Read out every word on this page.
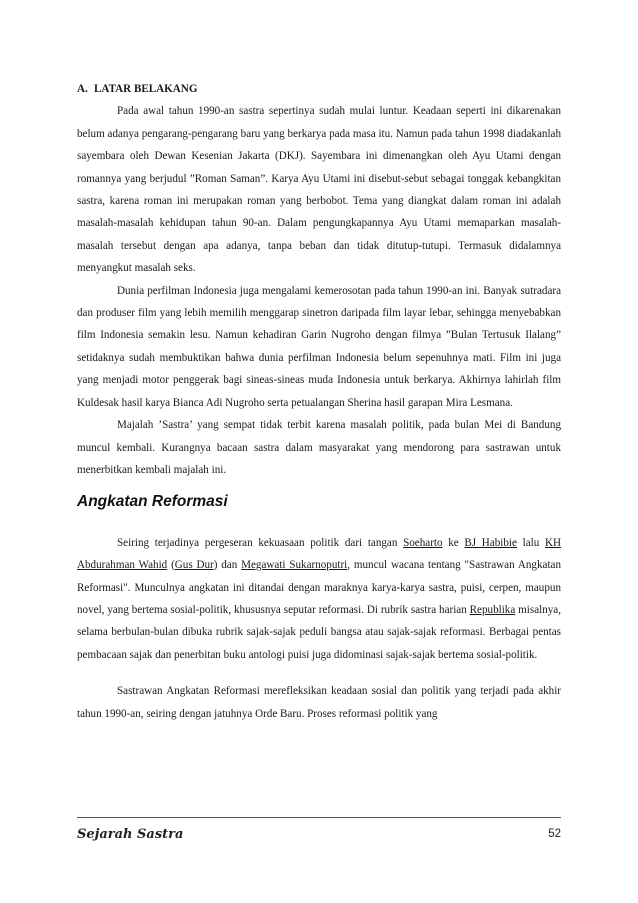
A. LATAR BELAKANG

Pada awal tahun 1990-an sastra sepertinya sudah mulai luntur. Keadaan seperti ini dikarenakan belum adanya pengarang-pengarang baru yang berkarya pada masa itu. Namun pada tahun 1998 diadakanlah sayembara oleh Dewan Kesenian Jakarta (DKJ). Sayembara ini dimenangkan oleh Ayu Utami dengan romannya yang berjudul ”Roman Saman”. Karya Ayu Utami ini disebut-sebut sebagai tonggak kebangkitan sastra, karena roman ini merupakan roman yang berbobot. Tema yang diangkat dalam roman ini adalah masalah-masalah kehidupan tahun 90-an. Dalam pengungkapannya Ayu Utami memaparkan masalah-masalah tersebut dengan apa adanya, tanpa beban dan tidak ditutup-tutupi. Termasuk didalamnya menyangkut masalah seks.

Dunia perfilman Indonesia juga mengalami kemerosotan pada tahun 1990-an ini. Banyak sutradara dan produser film yang lebih memilih menggarap sinetron daripada film layar lebar, sehingga menyebabkan film Indonesia semakin lesu. Namun kehadiran Garin Nugroho dengan filmya ”Bulan Tertusuk Ilalang” setidaknya sudah membuktikan bahwa dunia perfilman Indonesia belum sepenuhnya mati. Film ini juga yang menjadi motor penggerak bagi sineas-sineas muda Indonesia untuk berkarya. Akhirnya lahirlah film Kuldesak hasil karya Bianca Adi Nugroho serta petualangan Sherina hasil garapan Mira Lesmana.

Majalah ’Sastra’ yang sempat tidak terbit karena masalah politik, pada bulan Mei di Bandung muncul kembali. Kurangnya bacaan sastra dalam masyarakat yang mendorong para sastrawan untuk menerbitkan kembali majalah ini.

Angkatan Reformasi

Seiring terjadinya pergeseran kekuasaan politik dari tangan Soeharto ke BJ Habibie lalu KH Abdurahman Wahid (Gus Dur) dan Megawati Sukarnoputri, muncul wacana tentang "Sastrawan Angkatan Reformasi". Munculnya angkatan ini ditandai dengan maraknya karya-karya sastra, puisi, cerpen, maupun novel, yang bertema sosial-politik, khususnya seputar reformasi. Di rubrik sastra harian Republika misalnya, selama berbulan-bulan dibuka rubrik sajak-sajak peduli bangsa atau sajak-sajak reformasi. Berbagai pentas pembacaan sajak dan penerbitan buku antologi puisi juga didominasi sajak-sajak bertema sosial-politik.

Sastrawan Angkatan Reformasi merefleksikan keadaan sosial dan politik yang terjadi pada akhir tahun 1990-an, seiring dengan jatuhnya Orde Baru. Proses reformasi politik yang

Sejarah Sastra	52
